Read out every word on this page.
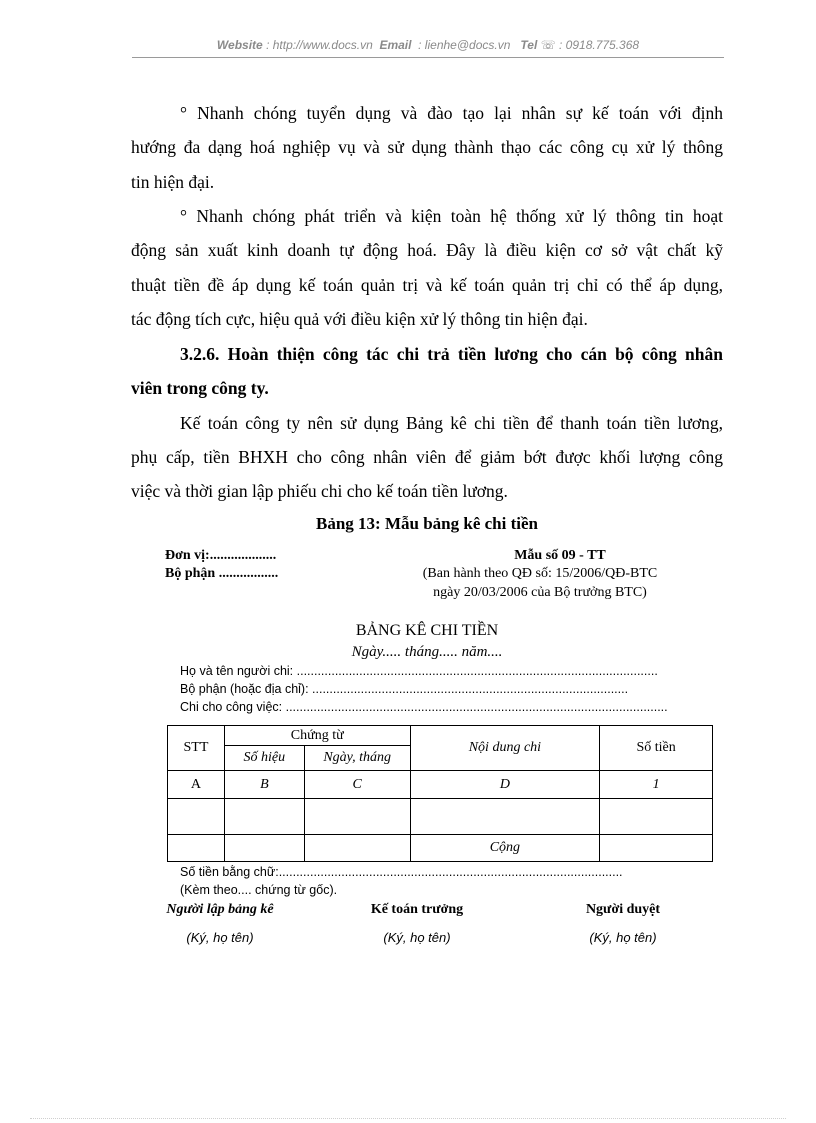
Website : http://www.docs.vn Email : lienhe@docs.vn Tel ☏ : 0918.775.368
° Nhanh chóng tuyển dụng và đào tạo lại nhân sự kế toán với định
hướng đa dạng hoá nghiệp vụ và sử dụng thành thạo các công cụ xử lý thông
tin hiện đại.
° Nhanh chóng phát triển và kiện toàn hệ thống xử lý thông tin hoạt
động sản xuất kinh doanh tự động hoá. Đây là điều kiện cơ sở vật chất kỹ
thuật tiền đề áp dụng kế toán quản trị và kế toán quản trị chỉ có thể áp dụng,
tác động tích cực, hiệu quả với điều kiện xử lý thông tin hiện đại.
3.2.6. Hoàn thiện công tác chi trả tiền lương cho cán bộ công nhân
viên trong công ty.
Kế toán công ty nên sử dụng Bảng kê chi tiền để thanh toán tiền lương,
phụ cấp, tiền BHXH cho công nhân viên để giảm bớt được khối lượng công
việc và thời gian lập phiếu chi cho kế toán tiền lương.
Bảng 13: Mẫu bảng kê chi tiền
Đơn vị:...................
Bộ phận .................
Mẫu số 09 - TT
(Ban hành theo QĐ số: 15/2006/QĐ-BTC
ngày 20/03/2006 của Bộ trưởng BTC)
BẢNG KÊ CHI TIỀN
Ngày..... tháng..... năm....
Họ và tên người chi: ........................................................................................................
Bộ phận (hoặc địa chỉ): ...........................................................................................
Chi cho công việc: ..............................................................................................................
STT	Chứng từ		Nội dung chi	Số tiền
	Số hiệu	Ngày, tháng		
A	B	C	D	1

			Cộng	
Số tiền bằng chữ:...................................................................................................
(Kèm theo.... chứng từ gốc).
Người lập bảng kê	Kế toán trưởng	Người duyệt
(Ký, họ tên)	(Ký, họ tên)	(Ký, họ tên)
